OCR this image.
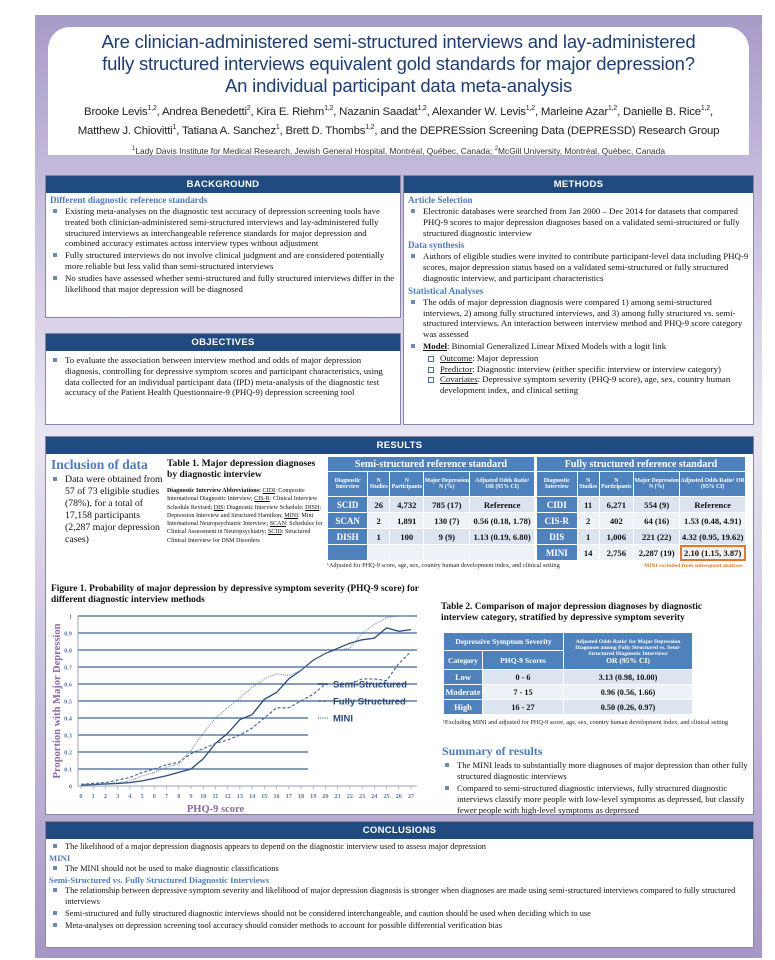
Are clinician-administered semi-structured interviews and lay-administered
fully structured interviews equivalent gold standards for major depression?
An individual participant data meta-analysis
Brooke Levis$^{1,2}$, Andrea Benedetti$^2$, Kira E. Riehm$^{1,2}$, Nazanin Saadat$^{1,2}$, Alexander W. Levis$^{1,2}$, Marleine Azar$^{1,2}$, Danielle B. Rice$^{1,2}$,
Matthew J. Chiovitti$^1$, Tatiana A. Sanchez$^1$, Brett D. Thombs$^{1,2}$, and the DEPRESsion Screening Data (DEPRESSD) Research Group
$^1$Lady Davis Institute for Medical Research, Jewish General Hospital, Montréal, Québec, Canada; $^2$McGill University, Montréal, Québec, Canada
BACKGROUND
Different diagnostic reference standards
Existing meta-analyses on the diagnostic test accuracy of depression screening tools have treated both clinician-administered semi-structured interviews and lay-administered fully structured interviews as interchangeable reference standards for major depression and combined accuracy estimates across interview types without adjustment
Fully structured interviews do not involve clinical judgment and are considered potentially more reliable but less valid than semi-structured interviews
No studies have assessed whether semi-structured and fully structured interviews differ in the likelihood that major depression will be diagnosed
OBJECTIVES
To evaluate the association between interview method and odds of major depression diagnosis, controlling for depressive symptom scores and participant characteristics, using data collected for an individual participant data (IPD) meta-analysis of the diagnostic test accuracy of the Patient Health Questionnaire-9 (PHQ-9) depression screening tool
METHODS
Article Selection
Electronic databases were searched from Jan 2000 – Dec 2014 for datasets that compared PHQ-9 scores to major depression diagnoses based on a validated semi-structured or fully structured diagnostic interview
Data synthesis
Authors of eligible studies were invited to contribute participant-level data including PHQ-9 scores, major depression status based on a validated semi-structured or fully structured diagnostic interview, and participant characteristics
Statistical Analyses
The odds of major depression diagnosis were compared 1) among semi-structured interviews, 2) among fully structured interviews, and 3) among fully structured vs. semi-structured interviews. An interaction between interview method and PHQ-9 score category was assessed
Model: Binomial Generalized Linear Mixed Models with a logit link
Outcome: Major depression
Predictor: Diagnostic interview (either specific interview or interview category)
Covariates: Depressive symptom severity (PHQ-9 score), age, sex, country human development index, and clinical setting
RESULTS
Inclusion of data
Data were obtained from 57 of 73 eligible studies (78%), for a total of 17,158 participants (2,287 major depression cases)
Table 1. Major depression diagnoses by diagnostic interview
Diagnostic Interview Abbreviations: CIDI: Composite International Diagnostic Interview; CIS-R: Clinical Interview Schedule Revised; DIS: Diagnostic Interview Schedule; DISH: Depression Interview and Structured Hamilton; MINI: Mini International Neuropsychiatric Interview; SCAN: Schedules for Clinical Assessment in Neuropsychiatry; SCID: Structured Clinical Interview for DSM Disorders
Semi-structured reference standard				
Diagnostic Interview	N Studies	N Participants	Major Depression N (%)	Adjusted Odds Ratio¹ OR (95% CI)
SCID	26	4,732	785 (17)	Reference
SCAN	2	1,891	130 (7)	0.56 (0.18, 1.78)
DISH	1	100	9 (9)	1.13 (0.19, 6.80)

Fully structured reference standard				
Diagnostic Interview	N Studies	N Participants	Major Depression N (%)	Adjusted Odds Ratio¹ OR (95% CI)
CIDI	11	6,271	554 (9)	Reference
CIS-R	2	402	64 (16)	1.53 (0.48, 4.91)
DIS	1	1,006	221 (22)	4.32 (0.95, 19.62)
MINI	14	2,756	2,287 (19)	2.10 (1.15, 3.87)
¹Adjusted for PHQ-9 score, age, sex, country human development index, and clinical setting	MINI excluded from subsequent analyses
Figure 1. Probability of major depression by depressive symptom severity (PHQ-9 score) for different diagnostic interview methods
0
0.1
0.2
0.3
0.4
0.5
0.6
0.7
0.8
0.9
1
0 1 2 3 4 5 6 7 8 9 10 11 12 13 14 15 16 17 18 19 20 21 22 23 24 25 26 27
PHQ-9 score
Proportion with Major Depression	Semi-Structured
Fully Structured
MINI
Table 2. Comparison of major depression diagnoses by diagnostic interview category, stratified by depressive symptom severity
Depressive Symptom Severity		Adjusted Odds Ratio¹ for Major Depression Diagnoses among Fully Structured vs. Semi-Structured Diagnostic Interviews
OR (95% CI)

Category	PHQ-9 Scores	
Low	0 - 6	3.13 (0.98, 10.00)
Moderate	7 - 15	0.96 (0.56, 1.66)
High	16 - 27	0.50 (0.26, 0.97)
¹Excluding MINI and adjusted for PHQ-9 score, age, sex, country human development index, and clinical setting
Summary of results
The MINI leads to substantially more diagnoses of major depression than other fully structured diagnostic interviews
Compared to semi-structured diagnostic interviews, fully structured diagnostic interviews classify more people with low-level symptoms as depressed, but classify fewer people with high-level symptoms as depressed
CONCLUSIONS
The likelihood of a major depression diagnosis appears to depend on the diagnostic interview used to assess major depression
MINI
The MINI should not be used to make diagnostic classifications
Semi-Structured vs. Fully Structured Diagnostic Interviews
The relationship between depressive symptom severity and likelihood of major depression diagnosis is stronger when diagnoses are made using semi-structured interviews compared to fully structured interviews
Semi-structured and fully structured diagnostic interviews should not be considered interchangeable, and caution should be used when deciding which to use
Meta-analyses on depression screening tool accuracy should consider methods to account for possible differential verification bias
